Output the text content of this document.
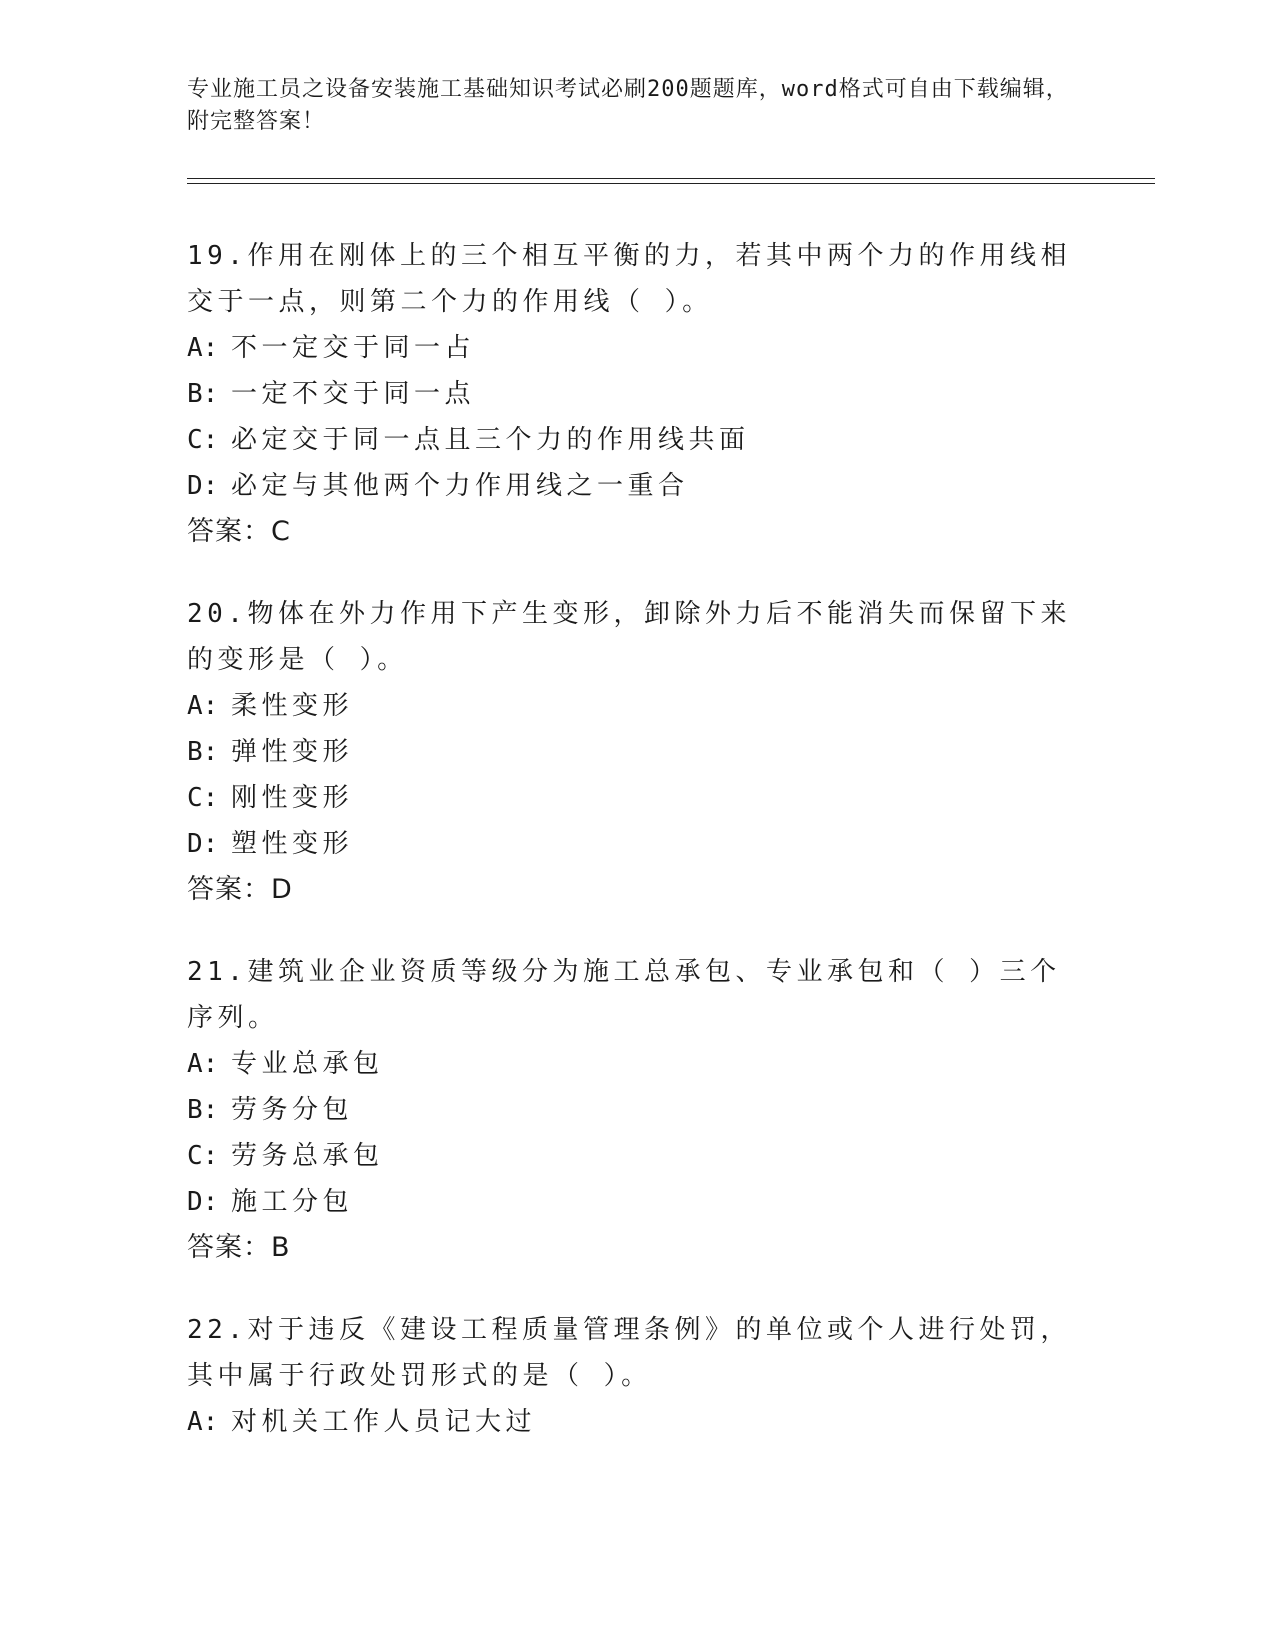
专业施工员之设备安装施工基础知识考试必刷200题题库，word格式可自由下载编辑，附完整答案！

19.作用在刚体上的三个相互平衡的力，若其中两个力的作用线相交于一点，则第二个力的作用线（ ）。

A: 不一定交于同一占

B: 一定不交于同一点

C: 必定交于同一点且三个力的作用线共面

D: 必定与其他两个力作用线之一重合

答案：C

20.物体在外力作用下产生变形，卸除外力后不能消失而保留下来的变形是（ ）。

A: 柔性变形

B: 弹性变形

C: 刚性变形

D: 塑性变形

答案：D

21.建筑业企业资质等级分为施工总承包、专业承包和（ ）三个序列。

A: 专业总承包

B: 劳务分包

C: 劳务总承包

D: 施工分包

答案：B

22.对于违反《建设工程质量管理条例》的单位或个人进行处罚，其中属于行政处罚形式的是（ ）。

A: 对机关工作人员记大过
